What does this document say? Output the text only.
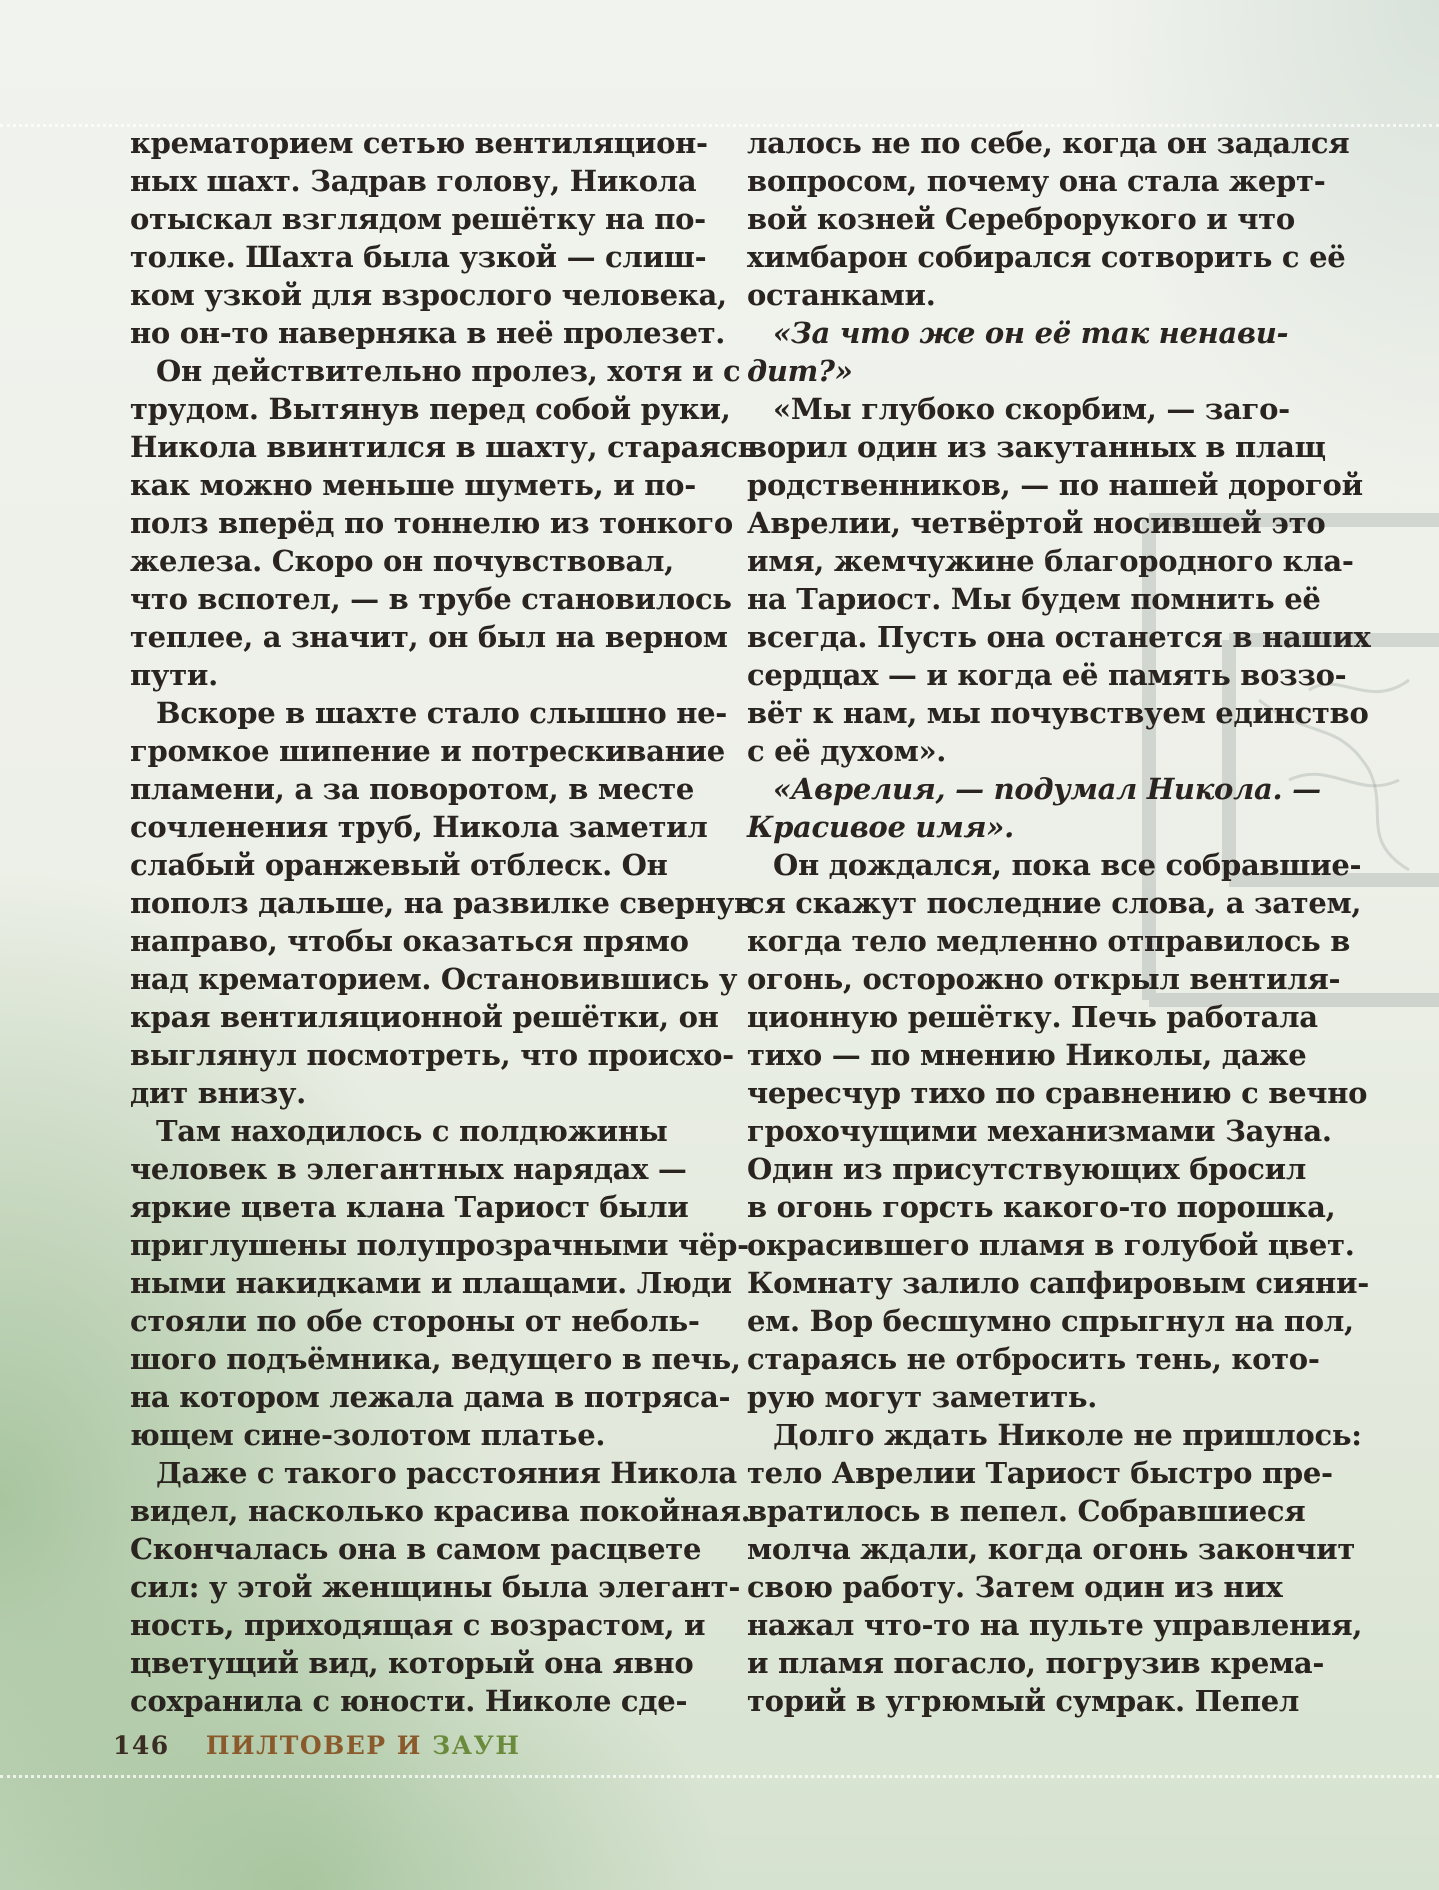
крематорием сетью вентиляцион-
ных шахт. Задрав голову, Никола
отыскал взглядом решётку на по-
толке. Шахта была узкой — слиш-
ком узкой для взрослого человека,
но он-то наверняка в неё пролезет.
Он действительно пролез, хотя и с
трудом. Вытянув перед собой руки,
Никола ввинтился в шахту, стараясь
как можно меньше шуметь, и по-
полз вперёд по тоннелю из тонкого
железа. Скоро он почувствовал,
что вспотел, — в трубе становилось
теплее, а значит, он был на верном
пути.
Вскоре в шахте стало слышно не-
громкое шипение и потрескивание
пламени, а за поворотом, в месте
сочленения труб, Никола заметил
слабый оранжевый отблеск. Он
пополз дальше, на развилке свернув
направо, чтобы оказаться прямо
над крематорием. Остановившись у
края вентиляционной решётки, он
выглянул посмотреть, что происхо-
дит внизу.
Там находилось с полдюжины
человек в элегантных нарядах —
яркие цвета клана Тариост были
приглушены полупрозрачными чёр-
ными накидками и плащами. Люди
стояли по обе стороны от неболь-
шого подъёмника, ведущего в печь,
на котором лежала дама в потряса-
ющем сине-золотом платье.
Даже с такого расстояния Никола
видел, насколько красива покойная.
Скончалась она в самом расцвете
сил: у этой женщины была элегант-
ность, приходящая с возрастом, и
цветущий вид, который она явно
сохранила с юности. Николе сде-
лалось не по себе, когда он задался
вопросом, почему она стала жерт-
вой козней Сереброрукого и что
химбарон собирался сотворить с её
останками.
«За что же он её так ненави-
дит?»
«Мы глубоко скорбим, — заго-
ворил один из закутанных в плащ
родственников, — по нашей дорогой
Аврелии, четвёртой носившей это
имя, жемчужине благородного кла-
на Тариост. Мы будем помнить её
всегда. Пусть она останется в наших
сердцах — и когда её память воззо-
вёт к нам, мы почувствуем единство
с её духом».
«Аврелия, — подумал Никола. —
Красивое имя».
Он дождался, пока все собравшие-
ся скажут последние слова, а затем,
когда тело медленно отправилось в
огонь, осторожно открыл вентиля-
ционную решётку. Печь работала
тихо — по мнению Николы, даже
чересчур тихо по сравнению с вечно
грохочущими механизмами Зауна.
Один из присутствующих бросил
в огонь горсть какого-то порошка,
окрасившего пламя в голубой цвет.
Комнату залило сапфировым сияни-
ем. Вор бесшумно спрыгнул на пол,
стараясь не отбросить тень, кото-
рую могут заметить.
Долго ждать Николе не пришлось:
тело Аврелии Тариост быстро пре-
вратилось в пепел. Собравшиеся
молча ждали, когда огонь закончит
свою работу. Затем один из них
нажал что-то на пульте управления,
и пламя погасло, погрузив крема-
торий в угрюмый сумрак. Пепел
146 ПИЛТОВЕР И ЗАУН
